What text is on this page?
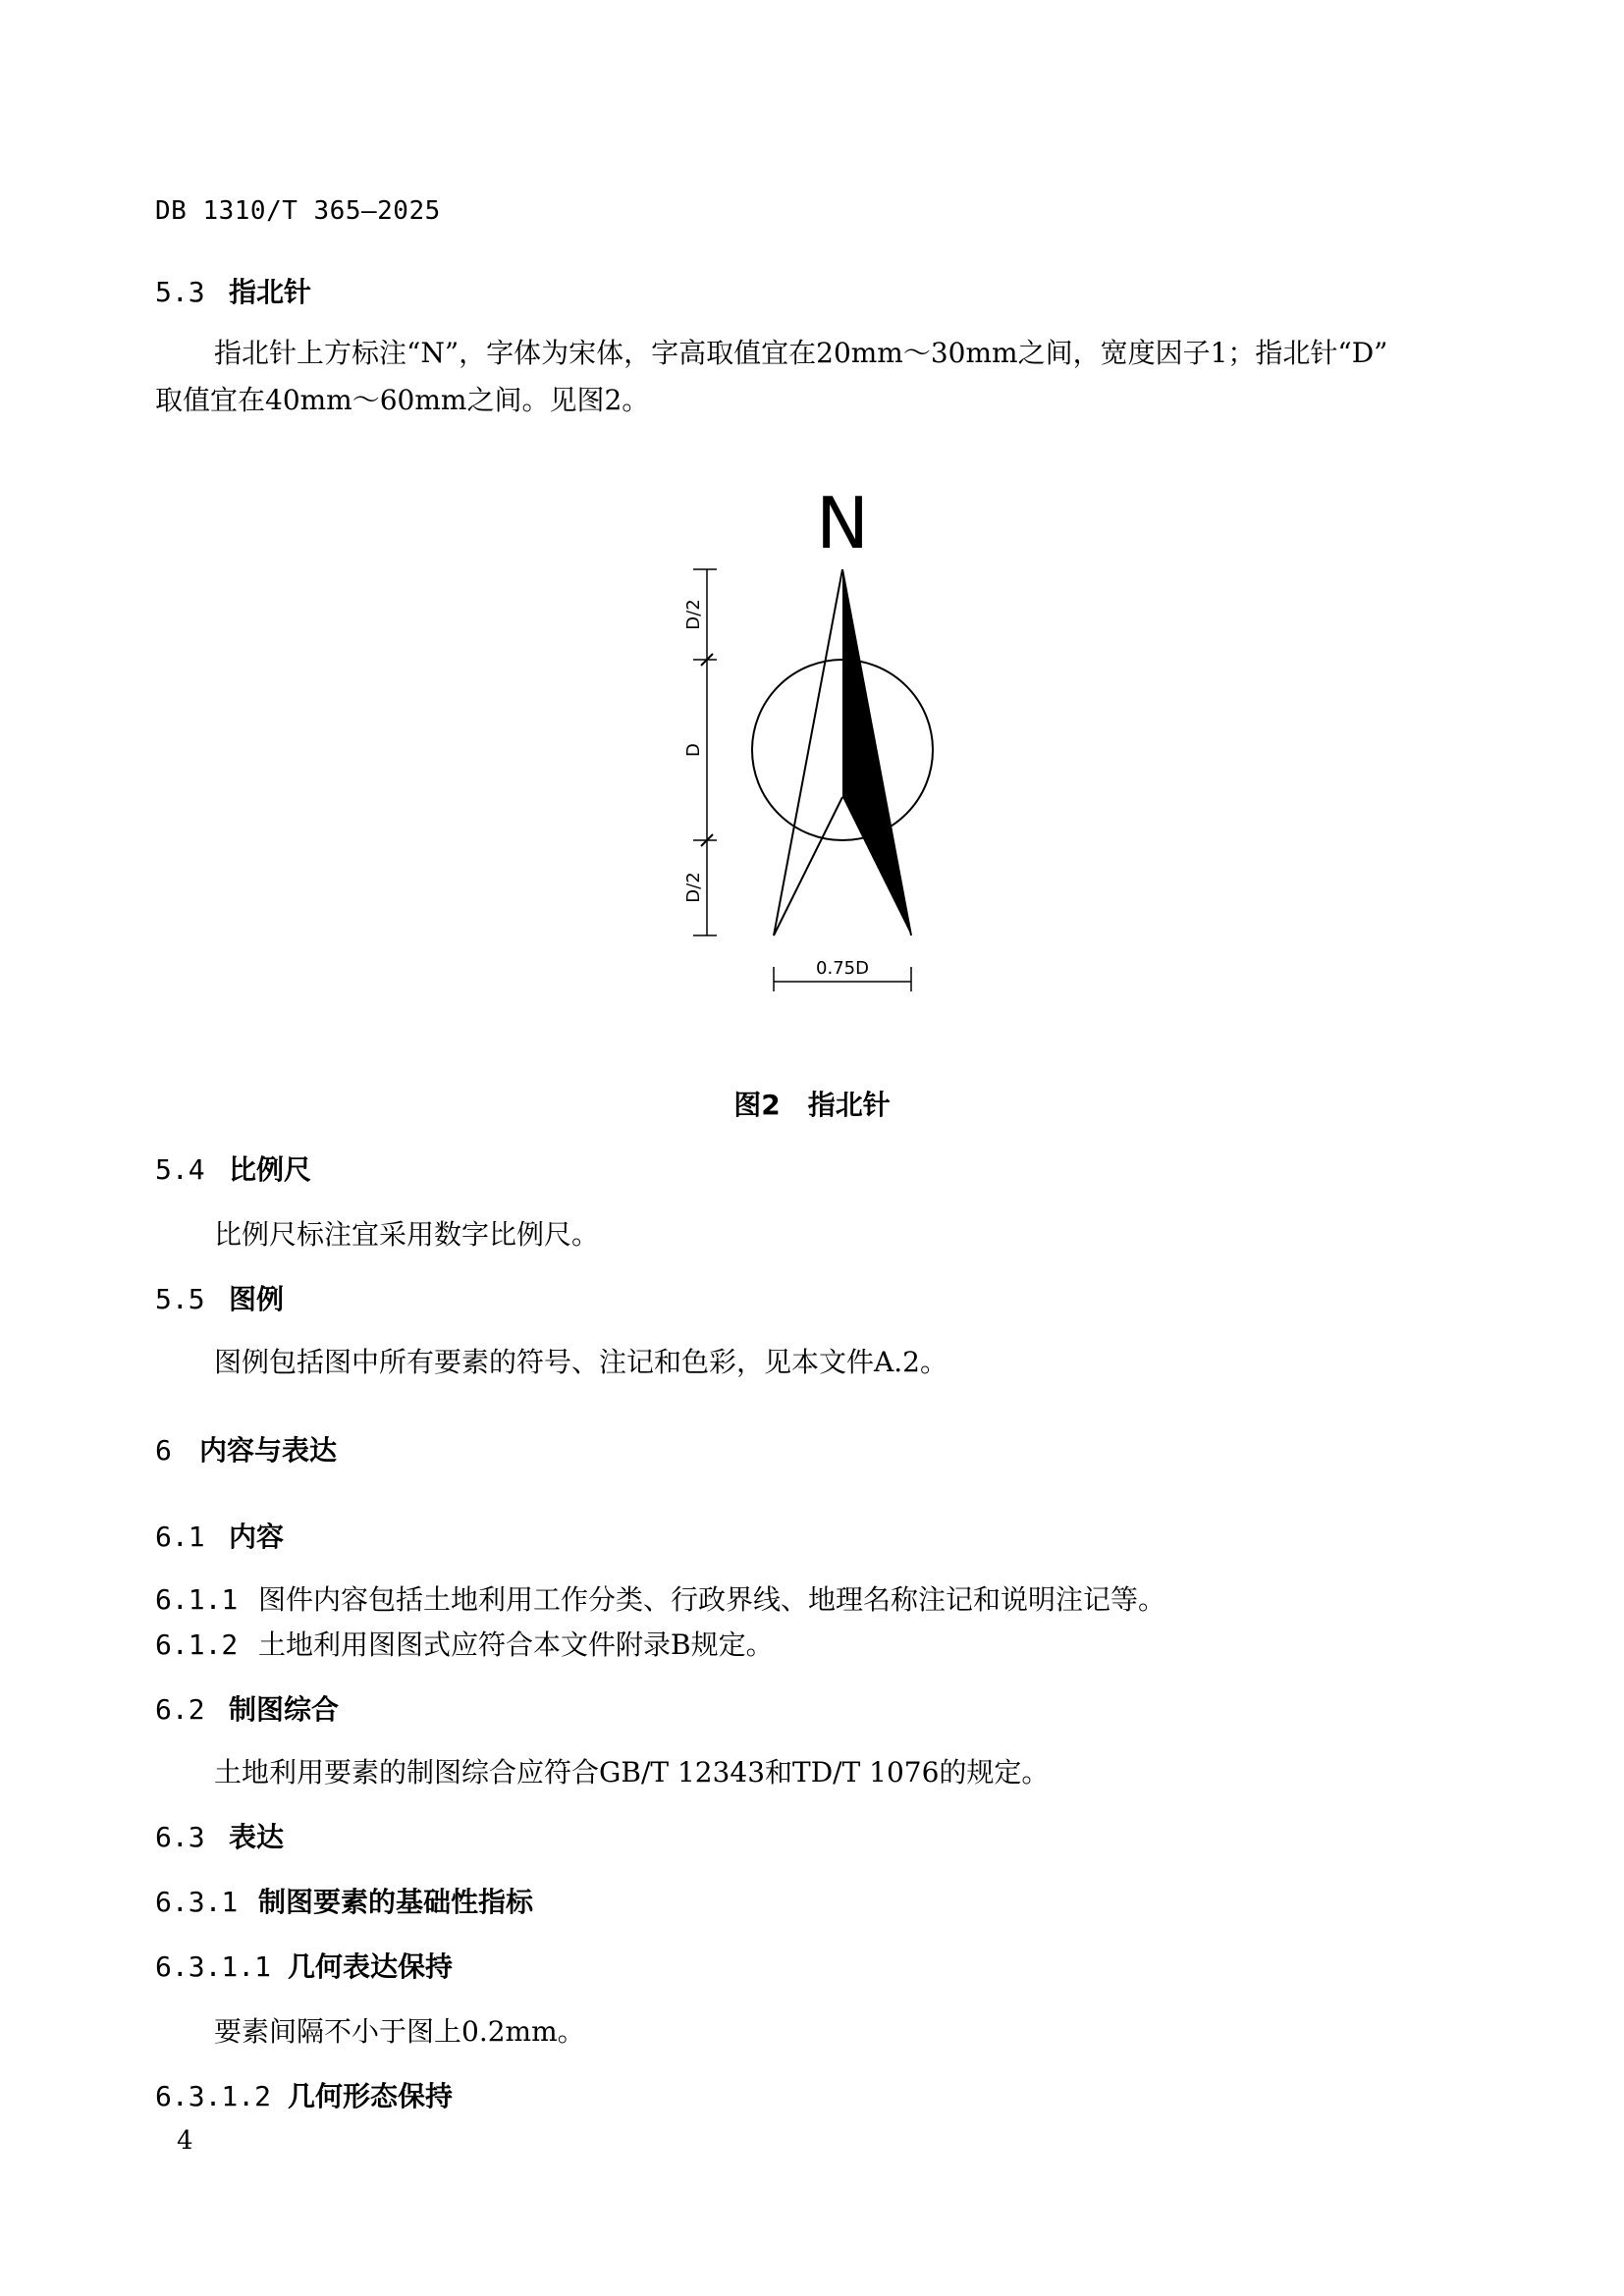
DB 1310/T 365—2025
5.3 指北针
指北针上方标注“N”，字体为宋体，字高取值宜在20mm～30mm之间，宽度因子1；指北针“D”
取值宜在40mm～60mm之间。见图2。
N
D/2
D
D/2
0.75D
图2 指北针
5.4 比例尺
比例尺标注宜采用数字比例尺。
5.5 图例
图例包括图中所有要素的符号、注记和色彩，见本文件A.2。
6 内容与表达
6.1 内容
6.1.1 图件内容包括土地利用工作分类、行政界线、地理名称注记和说明注记等。
6.1.2 土地利用图图式应符合本文件附录B规定。
6.2 制图综合
土地利用要素的制图综合应符合GB/T 12343和TD/T 1076的规定。
6.3 表达
6.3.1 制图要素的基础性指标
6.3.1.1 几何表达保持
要素间隔不小于图上0.2mm。
6.3.1.2 几何形态保持
4
